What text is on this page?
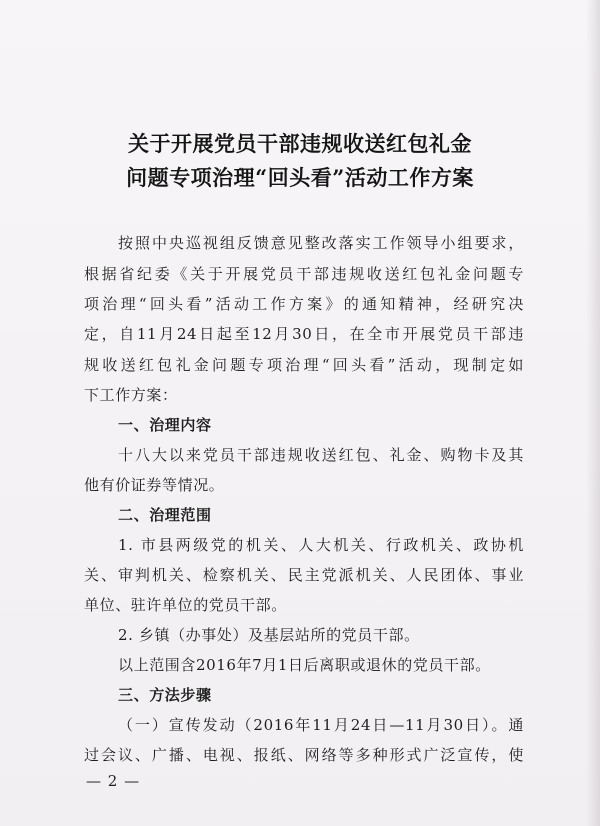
关于开展党员干部违规收送红包礼金
问题专项治理“回头看”活动工作方案
按照中央巡视组反馈意见整改落实工作领导小组要求，
根据省纪委《关于开展党员干部违规收送红包礼金问题专
项治理“回头看”活动工作方案》的通知精神，经研究决
定，自11月24日起至12月30日，在全市开展党员干部违
规收送红包礼金问题专项治理“回头看”活动，现制定如
下工作方案：
一、治理内容
十八大以来党员干部违规收送红包、礼金、购物卡及其
他有价证券等情况。
二、治理范围
1. 市县两级党的机关、人大机关、行政机关、政协机
关、审判机关、检察机关、民主党派机关、人民团体、事业
单位、驻许单位的党员干部。
2. 乡镇（办事处）及基层站所的党员干部。
以上范围含2016年7月1日后离职或退休的党员干部。
三、方法步骤
（一）宣传发动（2016年11月24日—11月30日）。通
过会议、广播、电视、报纸、网络等多种形式广泛宣传，使
— 2 —
